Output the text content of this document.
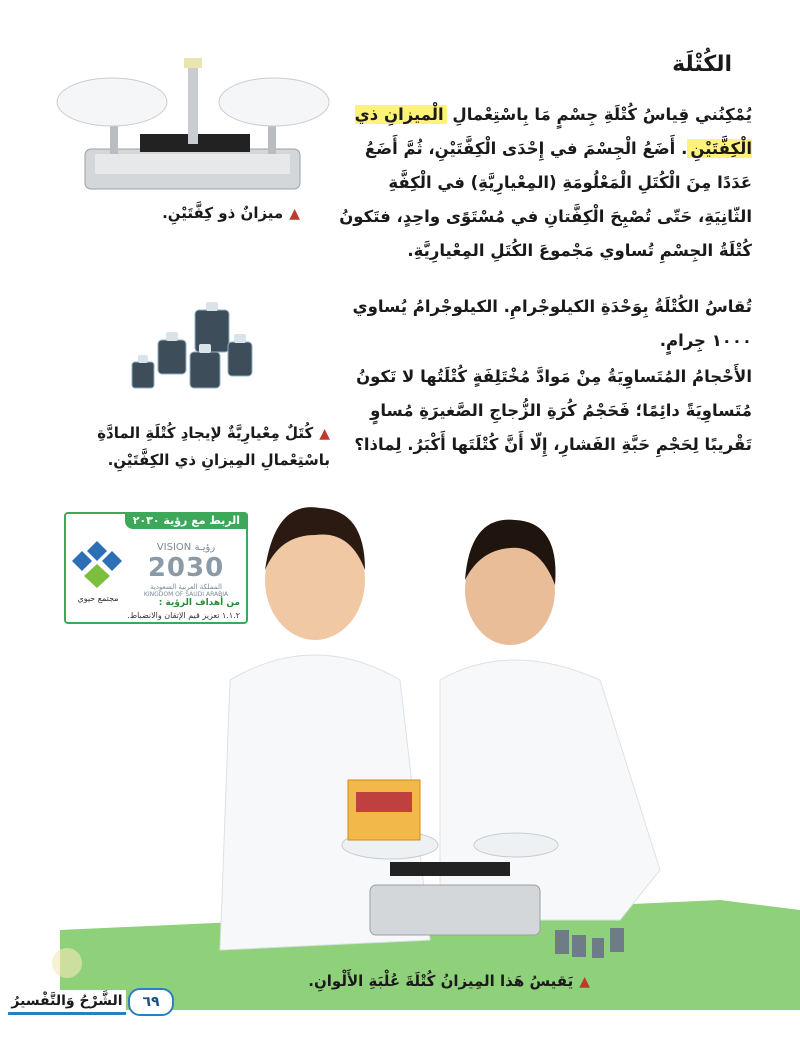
الكُتْلَة
يُمْكِنُني قِياسُ كُتْلَةِ جِسْمٍ مَا بِاسْتِعْمالِ الْميزانِ ذي الْكِفَّتَيْنِ. أَضَعُ الْجِسْمَ في إِحْدَى الْكِفَّتَيْنِ، ثُمَّ أَضَعُ عَدَدًا مِنَ الْكُتَلِ الْمَعْلُومَةِ (المِعْيارِيَّةِ) في الْكِفَّةِ الثّانِيَةِ، حَتّى تُصْبِحَ الْكِفَّتانِ في مُسْتَوًى واحِدٍ، فتَكونُ كُتْلَةُ الجِسْمِ تُساوي مَجْموعَ الكُتَلِ المِعْيارِيَّةِ.
تُقاسُ الكُتْلَةُ بِوَحْدَةِ الكيلوجْرامِ. الكيلوجْرامُ يُساوي ١٠٠٠ جِرامٍ.
الأَحْجامُ المُتَساوِيَةُ مِنْ مَوادَّ مُخْتَلِفَةٍ كُتْلَتُها لا تَكونُ مُتَساوِيَةً دائِمًا؛ فَحَجْمُ كُرَةِ الزُّجاجِ الصَّغيرَةِ مُساوٍ تَقْريبًا لِحَجْمِ حَبَّةِ الفَشارِ، إِلّا أَنَّ كُتْلَتَها أَكْبَرُ. لِماذا؟
▲ميزانٌ ذو كِفَّتَيْنِ.
▲كُتَلٌ مِعْيارِيَّةٌ لإيجادِ كُتْلَةِ المادَّةِ باسْتِعْمالِ المِيزانِ ذي الكِفَّتَيْنِ.
▲يَقيسُ هَذا المِيزانُ كُتْلَةَ عُلْبَةِ الأَلْوانِ.
الربط مع رؤية ٢٠٣٠
مجتمع حيوي
VISION رؤيـة
2030
المملكة العربية السعودية
KINGDOM OF SAUDI ARABIA
من أهداف الرؤية :
١.١.٢ تعزيز قيم الإتقان والانضباط.
الشَّرْحُ وَالتَّفْسيرُ	٦٩
